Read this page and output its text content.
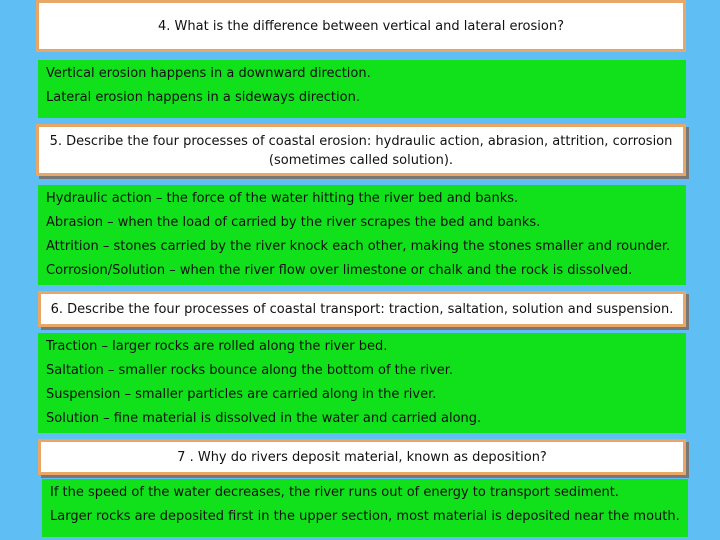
4. What is the difference between vertical and lateral erosion?
Vertical erosion happens in a downward direction.
Lateral erosion happens in a sideways direction.
5. Describe the four processes of coastal erosion: hydraulic action, abrasion, attrition, corrosion
(sometimes called solution).
Hydraulic action – the force of the water hitting the river bed and banks.
Abrasion – when the load of carried by the river scrapes the bed and banks.
Attrition – stones carried by the river knock each other, making the stones smaller and rounder.
Corrosion/Solution – when the river flow over limestone or chalk and the rock is dissolved.
6. Describe the four processes of coastal transport: traction, saltation, solution and suspension.
Traction – larger rocks are rolled along the river bed.
Saltation – smaller rocks bounce along the bottom of the river.
Suspension – smaller particles are carried along in the river.
Solution – fine material is dissolved in the water and carried along.
7 . Why do rivers deposit material, known as deposition?
If the speed of the water decreases, the river runs out of energy to transport sediment.
Larger rocks are deposited first in the upper section, most material is deposited near the mouth.
